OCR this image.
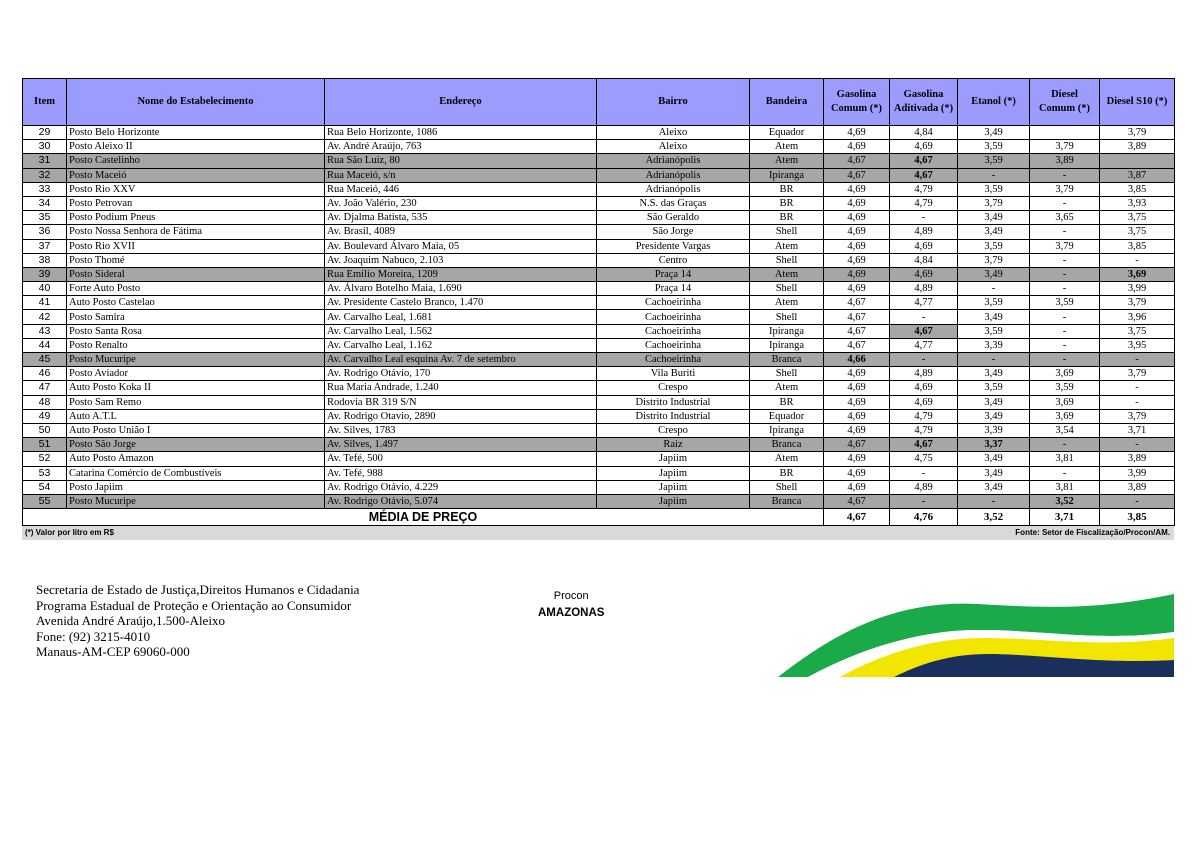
Item	Nome do Estabelecimento	Endereço	Bairro	Bandeira	Gasolina Comum (*)	Gasolina Aditivada (*)	Etanol (*)	Diesel Comum (*)	Diesel S10 (*)
29	Posto Belo Horizonte	Rua Belo Horizonte, 1086	Aleixo	Equador	4,69	4,84	3,49		3,79
30	Posto Aleixo II	Av. André Araújo, 763	Aleixo	Atem	4,69	4,69	3,59	3,79	3,89
31	Posto Castelinho	Rua São Luiz, 80	Adrianópolis	Atem	4,67	4,67	3,59	3,89	
32	Posto Maceió	Rua Maceió, s/n	Adrianópolis	Ipiranga	4,67	4,67	-	-	3,87
33	Posto Rio XXV	Rua Maceió, 446	Adrianópolis	BR	4,69	4,79	3,59	3,79	3,85
34	Posto Petrovan	Av. João Valério, 230	N.S. das Graças	BR	4,69	4,79	3,79	-	3,93
35	Posto Podium Pneus	Av. Djalma Batista, 535	São Geraldo	BR	4,69	-	3,49	3,65	3,75
36	Posto Nossa Senhora de Fátima	Av. Brasil, 4089	São Jorge	Shell	4,69	4,89	3,49	-	3,75
37	Posto Rio XVII	Av. Boulevard Álvaro Maia, 05	Presidente Vargas	Atem	4,69	4,69	3,59	3,79	3,85
38	Posto Thomé	Av. Joaquim Nabuco, 2.103	Centro	Shell	4,69	4,84	3,79	-	-
39	Posto Sideral	Rua Emilio Moreira, 1209	Praça 14	Atem	4,69	4,69	3,49	-	3,69
40	Forte Auto Posto	Av. Álvaro Botelho Maia, 1.690	Praça 14	Shell	4,69	4,89	-	-	3,99
41	Auto Posto Castelao	Av. Presidente Castelo Branco, 1.470	Cachoeirinha	Atem	4,67	4,77	3,59	3,59	3,79
42	Posto Samira	Av. Carvalho Leal, 1.681	Cachoeirinha	Shell	4,67	-	3,49	-	3,96
43	Posto Santa Rosa	Av. Carvalho Leal, 1.562	Cachoeirinha	Ipiranga	4,67	4,67	3,59	-	3,75
44	Posto Renalto	Av. Carvalho Leal, 1.162	Cachoeirinha	Ipiranga	4,67	4,77	3,39	-	3,95
45	Posto Mucuripe	Av. Carvalho Leal esquina Av. 7 de setembro	Cachoeirinha	Branca	4,66	-	-	-	-
46	Posto Aviador	Av. Rodrigo Otávio, 170	Vila Buriti	Shell	4,69	4,89	3,49	3,69	3,79
47	Auto Posto Koka II	Rua Maria Andrade, 1.240	Crespo	Atem	4,69	4,69	3,59	3,59	-
48	Posto Sam Remo	Rodovia BR 319 S/N	Distrito Industrial	BR	4,69	4,69	3,49	3,69	-
49	Auto A.T.L	Av. Rodrigo Otavio, 2890	Distrito Industrial	Equador	4,69	4,79	3,49	3,69	3,79
50	Auto Posto União I	Av. Silves, 1783	Crespo	Ipiranga	4,69	4,79	3,39	3,54	3,71
51	Posto São Jorge	Av. Silves, 1.497	Raiz	Branca	4,67	4,67	3,37	-	-
52	Auto Posto Amazon	Av. Tefé, 500	Japiim	Atem	4,69	4,75	3,49	3,81	3,89
53	Catarina Comércio de Combustíveis	Av. Tefé, 988	Japiim	BR	4,69	-	3,49	-	3,99
54	Posto Japiim	Av. Rodrigo Otávio, 4.229	Japiim	Shell	4,69	4,89	3,49	3,81	3,89
55	Posto Mucuripe	Av. Rodrigo Otávio, 5.074	Japiim	Branca	4,67	-	-	3,52	-
MÉDIA DE PREÇO					4,67	4,76	3,52	3,71	3,85
(*) Valor por litro em R$	Fonte: Setor de Fiscalização/Procon/AM.
Secretaria de Estado de Justiça,Direitos Humanos e Cidadania
Programa Estadual de Proteção e Orientação ao Consumidor
Avenida André Araújo,1.500-Aleixo
Fone: (92) 3215-4010
Manaus-AM-CEP 69060-000
Procon
AMAZONAS
